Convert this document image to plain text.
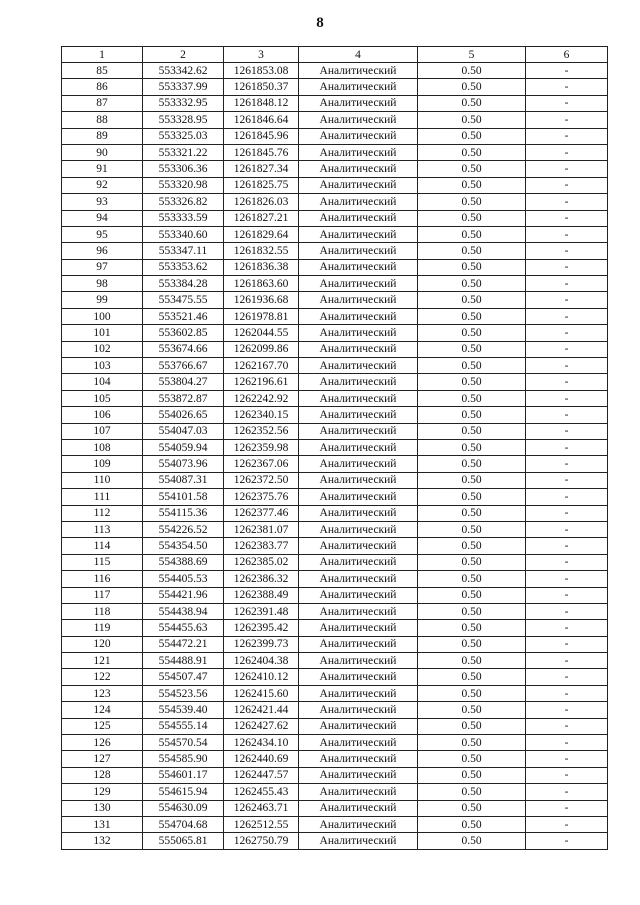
8
1	2	3	4	5	6
85	553342.62	1261853.08	Аналитический	0.50	-
86	553337.99	1261850.37	Аналитический	0.50	-
87	553332.95	1261848.12	Аналитический	0.50	-
88	553328.95	1261846.64	Аналитический	0.50	-
89	553325.03	1261845.96	Аналитический	0.50	-
90	553321.22	1261845.76	Аналитический	0.50	-
91	553306.36	1261827.34	Аналитический	0.50	-
92	553320.98	1261825.75	Аналитический	0.50	-
93	553326.82	1261826.03	Аналитический	0.50	-
94	553333.59	1261827.21	Аналитический	0.50	-
95	553340.60	1261829.64	Аналитический	0.50	-
96	553347.11	1261832.55	Аналитический	0.50	-
97	553353.62	1261836.38	Аналитический	0.50	-
98	553384.28	1261863.60	Аналитический	0.50	-
99	553475.55	1261936.68	Аналитический	0.50	-
100	553521.46	1261978.81	Аналитический	0.50	-
101	553602.85	1262044.55	Аналитический	0.50	-
102	553674.66	1262099.86	Аналитический	0.50	-
103	553766.67	1262167.70	Аналитический	0.50	-
104	553804.27	1262196.61	Аналитический	0.50	-
105	553872.87	1262242.92	Аналитический	0.50	-
106	554026.65	1262340.15	Аналитический	0.50	-
107	554047.03	1262352.56	Аналитический	0.50	-
108	554059.94	1262359.98	Аналитический	0.50	-
109	554073.96	1262367.06	Аналитический	0.50	-
110	554087.31	1262372.50	Аналитический	0.50	-
111	554101.58	1262375.76	Аналитический	0.50	-
112	554115.36	1262377.46	Аналитический	0.50	-
113	554226.52	1262381.07	Аналитический	0.50	-
114	554354.50	1262383.77	Аналитический	0.50	-
115	554388.69	1262385.02	Аналитический	0.50	-
116	554405.53	1262386.32	Аналитический	0.50	-
117	554421.96	1262388.49	Аналитический	0.50	-
118	554438.94	1262391.48	Аналитический	0.50	-
119	554455.63	1262395.42	Аналитический	0.50	-
120	554472.21	1262399.73	Аналитический	0.50	-
121	554488.91	1262404.38	Аналитический	0.50	-
122	554507.47	1262410.12	Аналитический	0.50	-
123	554523.56	1262415.60	Аналитический	0.50	-
124	554539.40	1262421.44	Аналитический	0.50	-
125	554555.14	1262427.62	Аналитический	0.50	-
126	554570.54	1262434.10	Аналитический	0.50	-
127	554585.90	1262440.69	Аналитический	0.50	-
128	554601.17	1262447.57	Аналитический	0.50	-
129	554615.94	1262455.43	Аналитический	0.50	-
130	554630.09	1262463.71	Аналитический	0.50	-
131	554704.68	1262512.55	Аналитический	0.50	-
132	555065.81	1262750.79	Аналитический	0.50	-
